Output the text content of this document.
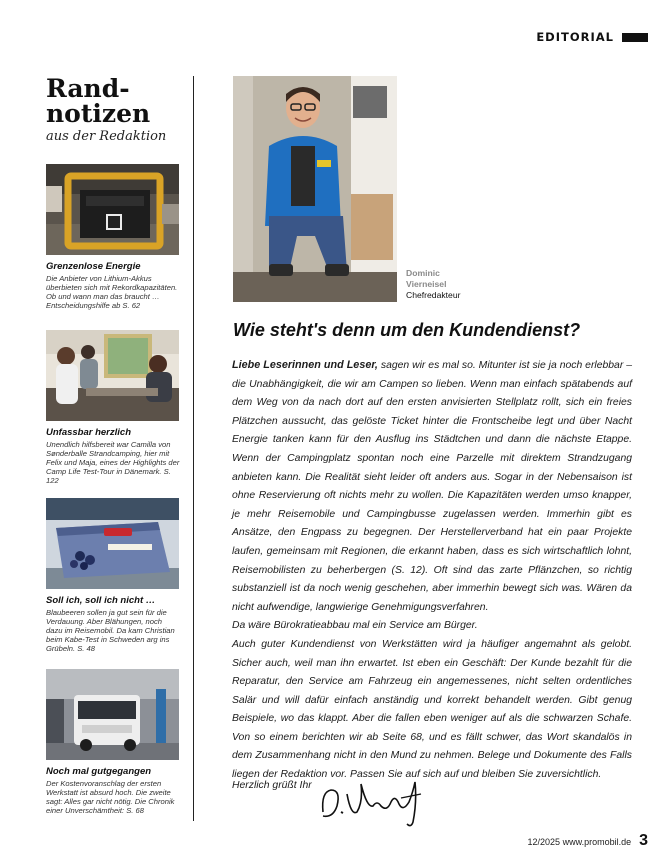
EDITORIAL
Rand-
notizen
aus der Redaktion
Grenzenlose Energie

Die Anbieter von Lithium-Akkus überbieten sich mit Rekordkapazitäten. Ob und wann man das braucht … Entscheidungshilfe ab S. 62

Unfassbar herzlich

Unendlich hilfsbereit war Camilla von Sønderballe Strandcamping, hier mit Felix und Maja, eines der Highlights der Camp Life Test-Tour in Dänemark. S. 122

Soll ich, soll ich nicht …

Blaubeeren sollen ja gut sein für die Verdauung. Aber Blähungen, noch dazu im Reisemobil. Da kam Christian beim Kabe-Test in Schweden arg ins Grübeln. S. 48

Noch mal gutgegangen

Der Kostenvoranschlag der ersten Werkstatt ist absurd hoch. Die zweite sagt: Alles gar nicht nötig. Die Chronik einer Unverschämtheit: S. 68

Dominic
Vierneisel
Chefredakteur
Wie steht's denn um den Kundendienst?

Liebe Leserinnen und Leser, sagen wir es mal so. Mitunter ist sie ja noch erlebbar – die Unabhängigkeit, die wir am Campen so lieben. Wenn man einfach spätabends auf dem Weg von da nach dort auf den ersten anvisierten Stellplatz rollt, sich ein freies Plätzchen aussucht, das gelöste Ticket hinter die Frontscheibe legt und über Nacht Energie tanken kann für den Ausflug ins Städtchen und dann die nächste Etappe. Wenn der Campingplatz spontan noch eine Parzelle mit direktem Strandzugang anbieten kann. Die Realität sieht leider oft anders aus. Sogar in der Nebensaison ist ohne Reservierung oft nichts mehr zu wollen. Die Kapazitäten werden umso knapper, je mehr Reisemobile und Campingbusse zugelassen werden. Immerhin gibt es Ansätze, den Engpass zu begegnen. Der Herstellerverband hat ein paar Projekte laufen, gemeinsam mit Regionen, die erkannt haben, dass es sich wirtschaftlich lohnt, Reisemobilisten zu beherbergen (S. 12). Oft sind das zarte Pflänzchen, so richtig substanziell ist da noch wenig geschehen, aber immerhin bewegt sich was. Wären da nicht aufwendige, langwierige Genehmigungsverfahren.

Da wäre Bürokratieabbau mal ein Service am Bürger.

Auch guter Kundendienst von Werkstätten wird ja häufiger angemahnt als gelobt. Sicher auch, weil man ihn erwartet. Ist eben ein Geschäft: Der Kunde bezahlt für die Reparatur, den Service am Fahrzeug ein angemessenes, nicht selten ordentliches Salär und will dafür einfach anständig und korrekt behandelt werden. Gibt genug Beispiele, wo das klappt. Aber die fallen eben weniger auf als die schwarzen Schafe. Von so einem berichten wir ab Seite 68, und es fällt schwer, das Wort skandalös in dem Zusammenhang nicht in den Mund zu nehmen. Belege und Dokumente des Falls liegen der Redaktion vor. Passen Sie auf sich auf und bleiben Sie zuversichtlich.

Herzlich grüßt Ihr
12/2025 www.promobil.de 3
